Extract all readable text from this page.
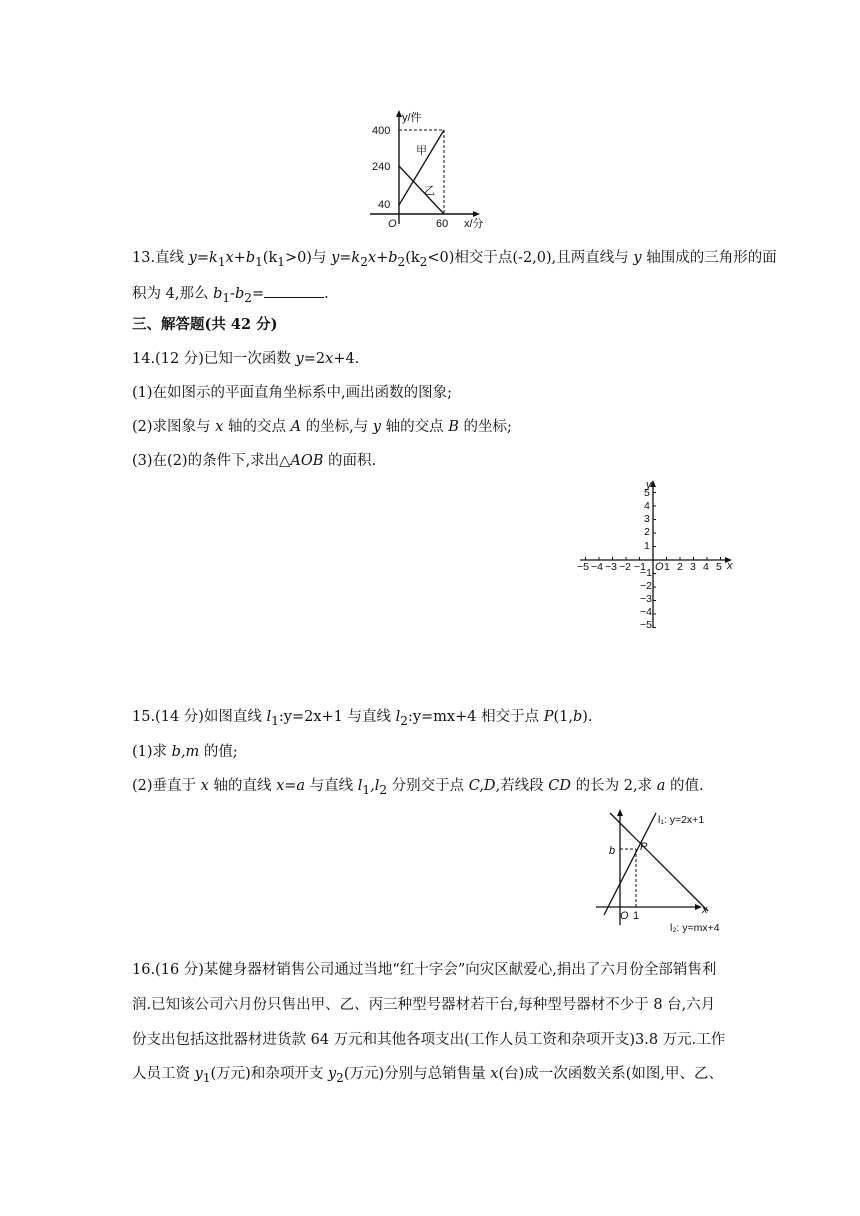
y/件
400
240
40
O	60 x/分
甲
乙
13.直线 $y=k_1x+b_1(k_1>0)$与 $y=k_2x+b_2(k_2<0)$相交于点(-2,0),且两直线与 y 轴围成的三角形的面
积为 4,那么 $b_1-b_2=$	.
三、解答题(共 42 分)
14.(12 分)已知一次函数 y=2x+4.
(1)在如图示的平面直角坐标系中,画出函数的图象;
(2)求图象与 x 轴的交点 A 的坐标,与 y 轴的交点 B 的坐标;
(3)在(2)的条件下,求出△AOB 的面积.
x
y
O 1 2 3 4 5
−5 −4 −3 −2 −1
1
2
3
4
5
−1
−2
−3
−4
−5
15.(14 分)如图直线 $l_1:y=2x+1$ 与直线 $l_2:y=mx+4$ 相交于点 P(1,b).
(1)求 b,m 的值;
(2)垂直于 x 轴的直线 x=a 与直线 $l_1,l_2$ 分别交于点 C,D,若线段 CD 的长为 2,求 a 的值.
l₁: y=2x+1
l₂: y=mx+4
P
b
O 1	x
16.(16 分)某健身器材销售公司通过当地“红十字会”向灾区献爱心,捐出了六月份全部销售利
润.已知该公司六月份只售出甲、乙、丙三种型号器材若干台,每种型号器材不少于 8 台,六月
份支出包括这批器材进货款 64 万元和其他各项支出(工作人员工资和杂项开支)3.8 万元.工作
人员工资 $y_1$(万元)和杂项开支 $y_2$(万元)分别与总销售量 x(台)成一次函数关系(如图,甲、乙、
